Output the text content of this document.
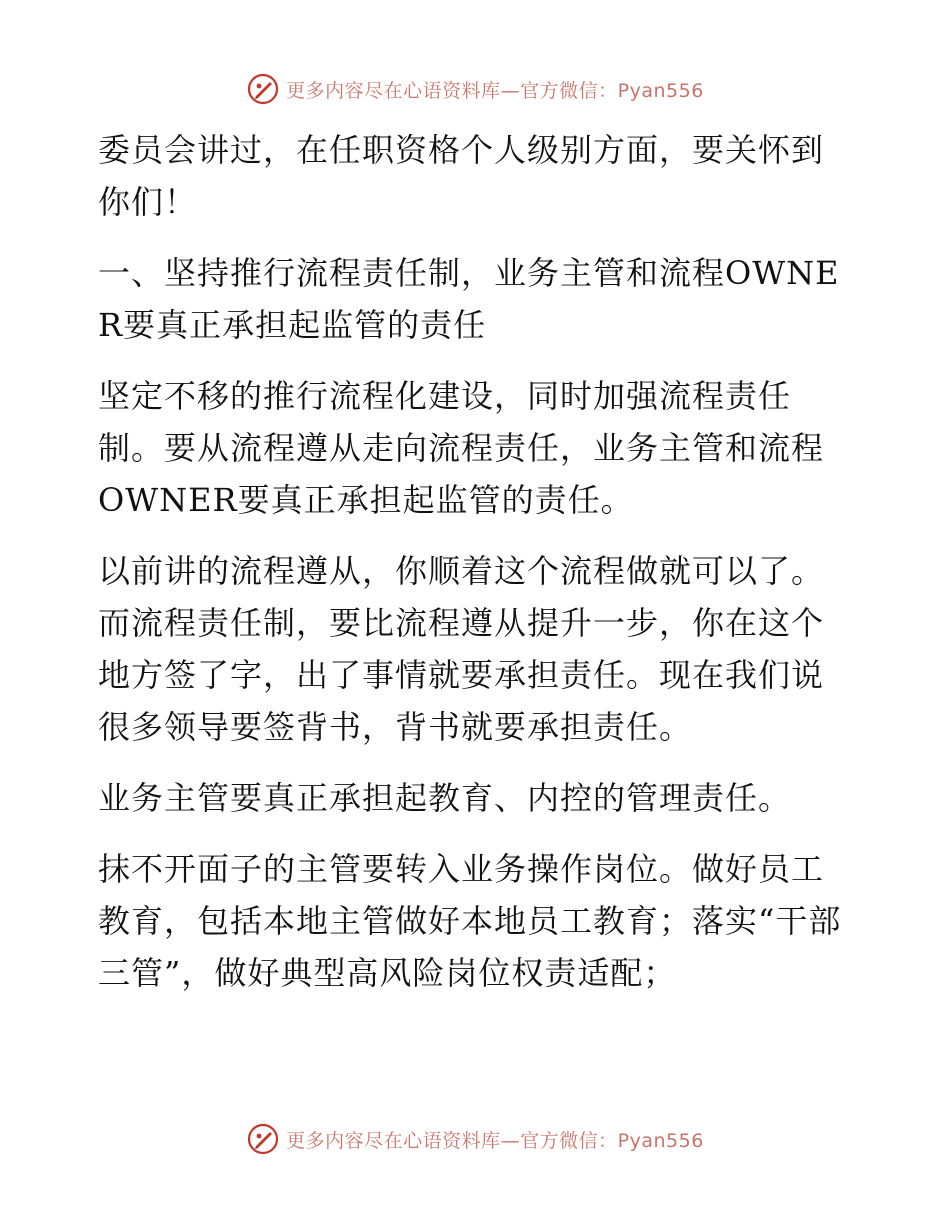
更多内容尽在心语资料库—官方微信：Pyan556

委员会讲过，在任职资格个人级别方面，要关怀到你们！

一、坚持推行流程责任制，业务主管和流程OWNER要真正承担起监管的责任

坚定不移的推行流程化建设，同时加强流程责任制。要从流程遵从走向流程责任，业务主管和流程OWNER要真正承担起监管的责任。

以前讲的流程遵从，你顺着这个流程做就可以了。而流程责任制，要比流程遵从提升一步，你在这个地方签了字，出了事情就要承担责任。现在我们说很多领导要签背书，背书就要承担责任。

业务主管要真正承担起教育、内控的管理责任。

抹不开面子的主管要转入业务操作岗位。做好员工教育，包括本地主管做好本地员工教育；落实“干部三管”，做好典型高风险岗位权责适配；

更多内容尽在心语资料库—官方微信：Pyan556
